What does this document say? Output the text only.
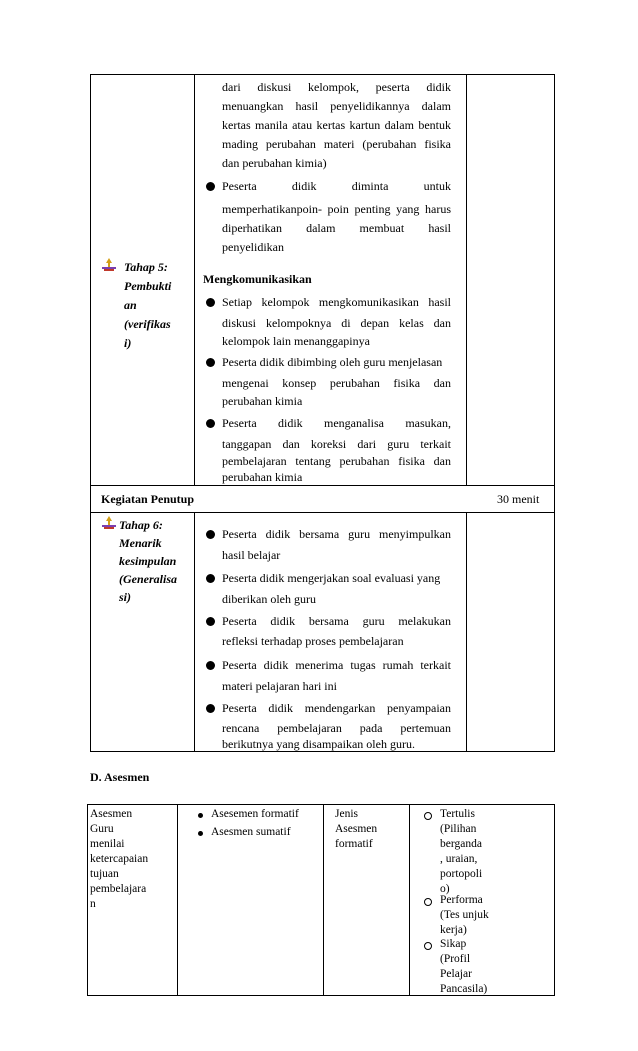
dari diskusi kelompok, peserta didik
menuangkan hasil penyelidikannya dalam
kertas manila atau kertas kartun dalam bentuk
mading perubahan materi (perubahan fisika
dan perubahan kimia)
Peserta didik diminta untuk
memperhatikanpoin- poin penting yang harus
diperhatikan dalam membuat hasil
penyelidikan
Tahap 5:
Pembukti
an
(verifikas
i)
Mengkomunikasikan
Setiap kelompok mengkomunikasikan hasil
diskusi kelompoknya di depan kelas dan
kelompok lain menanggapinya
Peserta didik dibimbing oleh guru menjelasan
mengenai konsep perubahan fisika dan
perubahan kimia
Peserta didik menganalisa masukan,
tanggapan dan koreksi dari guru terkait
pembelajaran tentang perubahan fisika dan
perubahan kimia
Kegiatan Penutup	30 menit
Tahap 6:
Menarik
kesimpulan
(Generalisa
si)
Peserta didik bersama guru menyimpulkan
hasil belajar
Peserta didik mengerjakan soal evaluasi yang
diberikan oleh guru
Peserta didik bersama guru melakukan
refleksi terhadap proses pembelajaran
Peserta didik menerima tugas rumah terkait
materi pelajaran hari ini
Peserta didik mendengarkan penyampaian
rencana pembelajaran pada pertemuan
berikutnya yang disampaikan oleh guru.
D. Asesmen
Asesmen
Guru
menilai
ketercapaian
tujuan
pembelajara
n
Asesemen formatif
Asesmen sumatif
Jenis
Asesmen
formatif
Tertulis
(Pilihan
berganda
, uraian,
portopoli
o)
Performa
(Tes unjuk
kerja)
Sikap
(Profil
Pelajar
Pancasila)
